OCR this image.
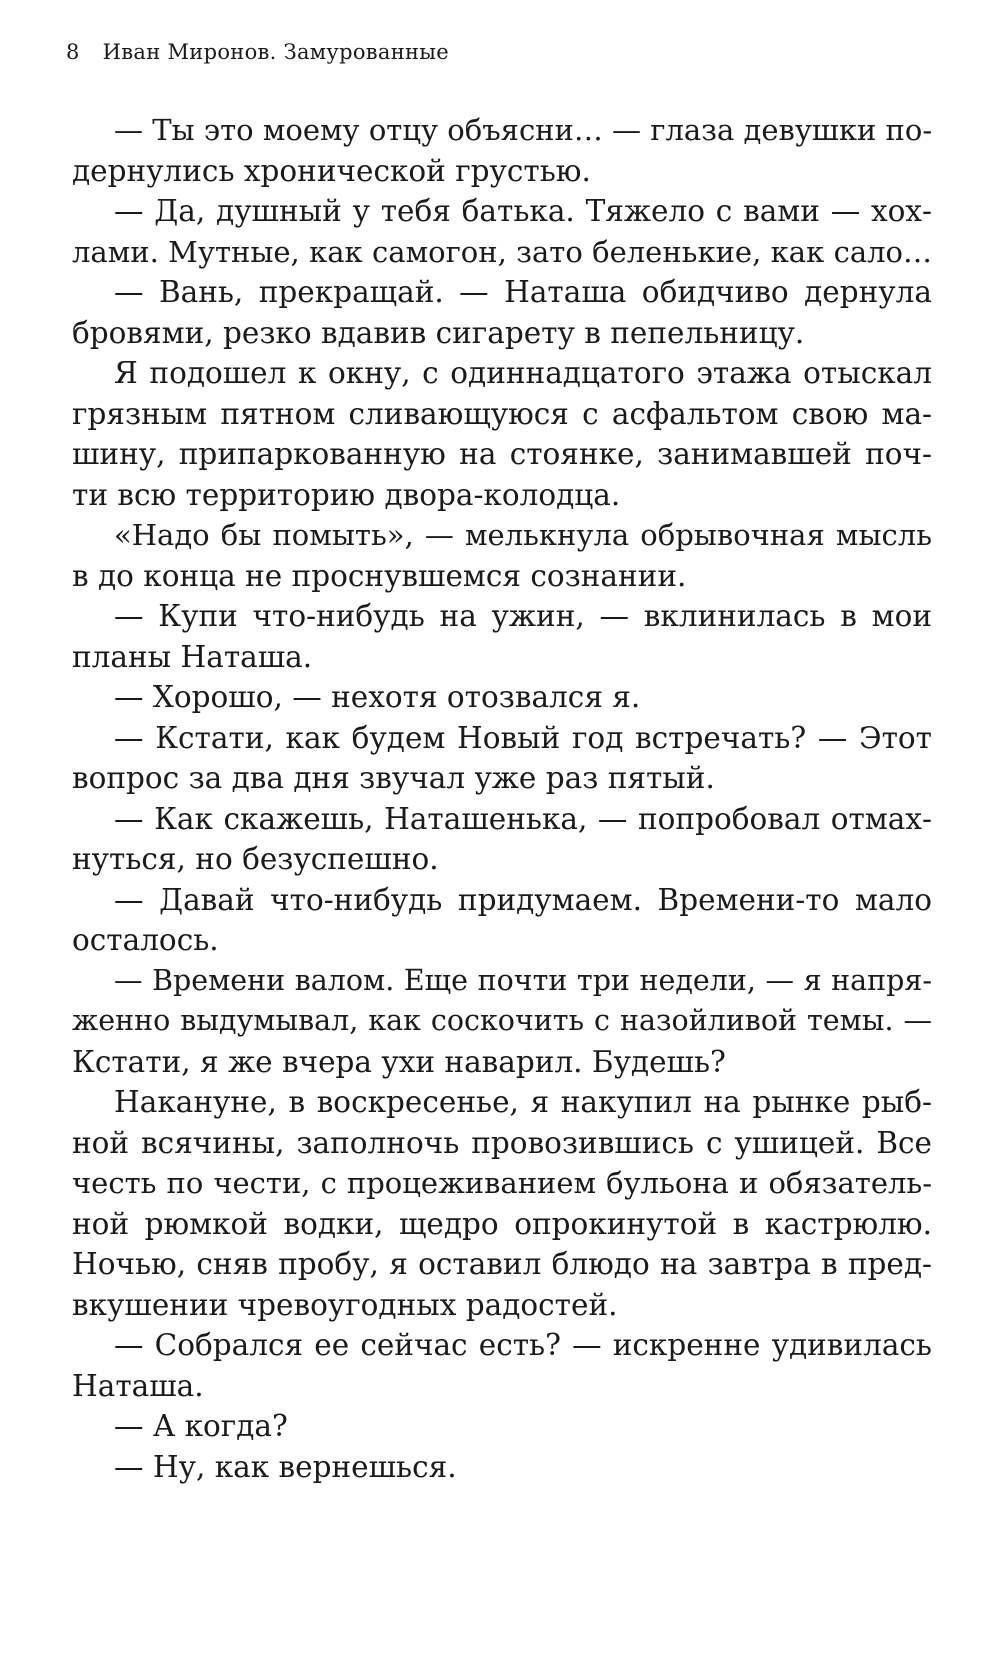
8 Иван Миронов. Замурованные
— Ты это моему отцу объясни… — глаза девушки по-
дернулись хронической грустью.
— Да, душный у тебя батька. Тяжело с вами — хох-
лами. Мутные, как самогон, зато беленькие, как сало…
— Вань, прекращай. — Наташа обидчиво дернула
бровями, резко вдавив сигарету в пепельницу.
Я подошел к окну, с одиннадцатого этажа отыскал
грязным пятном сливающуюся с асфальтом свою ма-
шину, припаркованную на стоянке, занимавшей поч-
ти всю территорию двора-колодца.
«Надо бы помыть», — мелькнула обрывочная мысль
в до конца не проснувшемся сознании.
— Купи что-нибудь на ужин, — вклинилась в мои
планы Наташа.
— Хорошо, — нехотя отозвался я.
— Кстати, как будем Новый год встречать? — Этот
вопрос за два дня звучал уже раз пятый.
— Как скажешь, Наташенька, — попробовал отмах-
нуться, но безуспешно.
— Давай что-нибудь придумаем. Времени-то мало
осталось.
— Времени валом. Еще почти три недели, — я напря-
женно выдумывал, как соскочить с назойливой темы. —
Кстати, я же вчера ухи наварил. Будешь?
Накануне, в воскресенье, я накупил на рынке рыб-
ной всячины, заполночь провозившись с ушицей. Все
честь по чести, с процеживанием бульона и обязатель-
ной рюмкой водки, щедро опрокинутой в кастрюлю.
Ночью, сняв пробу, я оставил блюдо на завтра в пред-
вкушении чревоугодных радостей.
— Собрался ее сейчас есть? — искренне удивилась
Наташа.
— А когда?
— Ну, как вернешься.
